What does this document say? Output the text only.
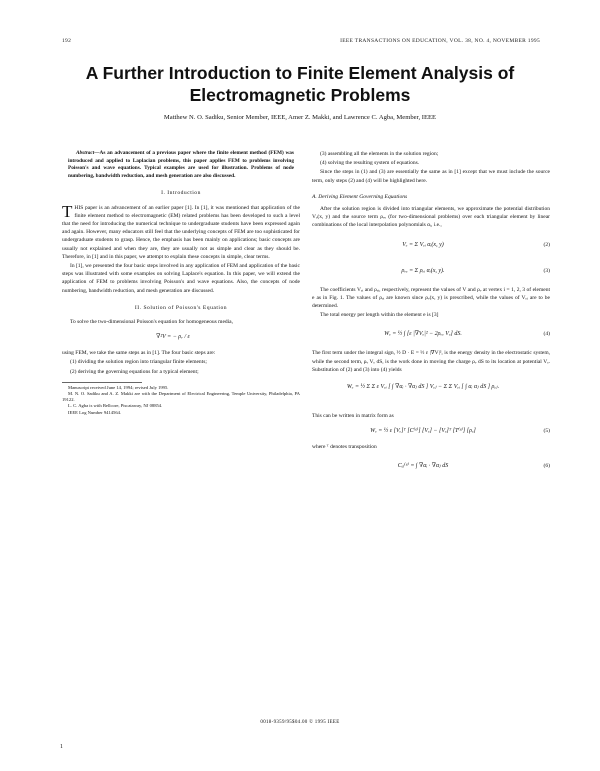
192	IEEE TRANSACTIONS ON EDUCATION, VOL. 38, NO. 4, NOVEMBER 1995
A Further Introduction to Finite Element Analysis of Electromagnetic Problems
Matthew N. O. Sadiku, Senior Member, IEEE, Amer Z. Makki, and Lawrence C. Agba, Member, IEEE
Abstract—As an advancement of a previous paper where the finite element method (FEM) was introduced and applied to Laplacian problems, this paper applies FEM to problems involving Poisson's and wave equations. Typical examples are used for illustration. Problems of node numbering, bandwidth reduction, and mesh generation are also discussed.
I. Introduction

THIS paper is an advancement of an earlier paper [1]. In [1], it was mentioned that application of the finite element method to electromagnetic (EM) related problems has been developed to such a level that the need for introducing the numerical technique to undergraduate students have been expressed again and again. However, many educators still feel that the underlying concepts of FEM are too sophisticated for undergraduate students to grasp. Hence, the emphasis has been mainly on applications; basic concepts are usually not explained and when they are, they are usually not as simple and clear as they should be. Therefore, in [1] and in this paper, we attempt to explain these concepts in simple, clear terms.

In [1], we presented the four basic steps involved in any application of FEM and application of the basic steps was illustrated with some examples on solving Laplace's equation. In this paper, we will extend the application of FEM to problems involving Poisson's and wave equations. Also, the concepts of node numbering, bandwidth reduction, and mesh generation are discussed.

II. Solution of Poisson's Equation

To solve the two-dimensional Poisson's equation for homogeneous media,

∇²V = − ρᵥ / ε

using FEM, we take the same steps as in [1]. The four basic steps are:

(1) dividing the solution region into triangular finite elements;

(2) deriving the governing equations for a typical element;

Manuscript received June 14, 1994; revised July 1995.
M. N. O. Sadiku and A. Z. Makki are with the Department of Electrical Engineering, Temple University, Philadelphia, PA 19122.
L. C. Agba is with Bellcore, Piscataway, NJ 08854.
IEEE Log Number 9414564.

(3) assembling all the elements in the solution region;

(4) solving the resulting system of equations.

Since the steps in (1) and (3) are essentially the same as in [1] except that we must include the source term, only steps (2) and (4) will be highlighted here.

A. Deriving Element Governing Equations

After the solution region is divided into triangular elements, we approximate the potential distribution Vₑ(x, y) and the source term ρᵥₑ (for two-dimensional problems) over each triangular element by linear combinations of the local interpolation polynomials αᵢ, i.e.,

Vₑ = Σ Vₑᵢ αᵢ(x, y)	(2)
ρᵥₑ = Σ ρₑᵢ αᵢ(x, y).	(3)

The coefficients Vₑᵢ and ρₑᵢ, respectively, represent the values of V and ρᵥ at vertex i = 1, 2, 3 of element e as in Fig. 1. The values of ρₑᵢ are known since ρᵥ(x, y) is prescribed, while the values of Vₑᵢ are to be determined.

The total energy per length within the element e is [3]

Wₑ = ½ ∫ [ε |∇Vₑ|² − 2ρᵥₑ Vₑ] dS.	(4)

The first term under the integral sign, ½ D · E = ½ ε |∇V|², is the energy density in the electrostatic system, while the second term, ρᵥ Vₑ dS, is the work done in moving the charge ρᵥ dS to its location at potential Vₑ. Substitution of (2) and (3) into (4) yields

Wₑ = ½ Σ Σ ε Vₑᵢ [ ∫ ∇αᵢ · ∇αⱼ dS ] Vₑⱼ − Σ Σ Vₑᵢ [ ∫ αᵢ αⱼ dS ] ρₑⱼ.

This can be written in matrix form as

Wₑ = ½ ε [Vₑ]ᵀ [C⁽ᵉ⁾] [Vₑ] − [Vₑ]ᵀ [T⁽ᵉ⁾] [ρₑ]	(5)

where ᵀ denotes transposition

Cᵢⱼ⁽ᵉ⁾ = ∫ ∇αᵢ · ∇αⱼ dS	(6)
0018-9359/95$04.00 © 1995 IEEE
1
